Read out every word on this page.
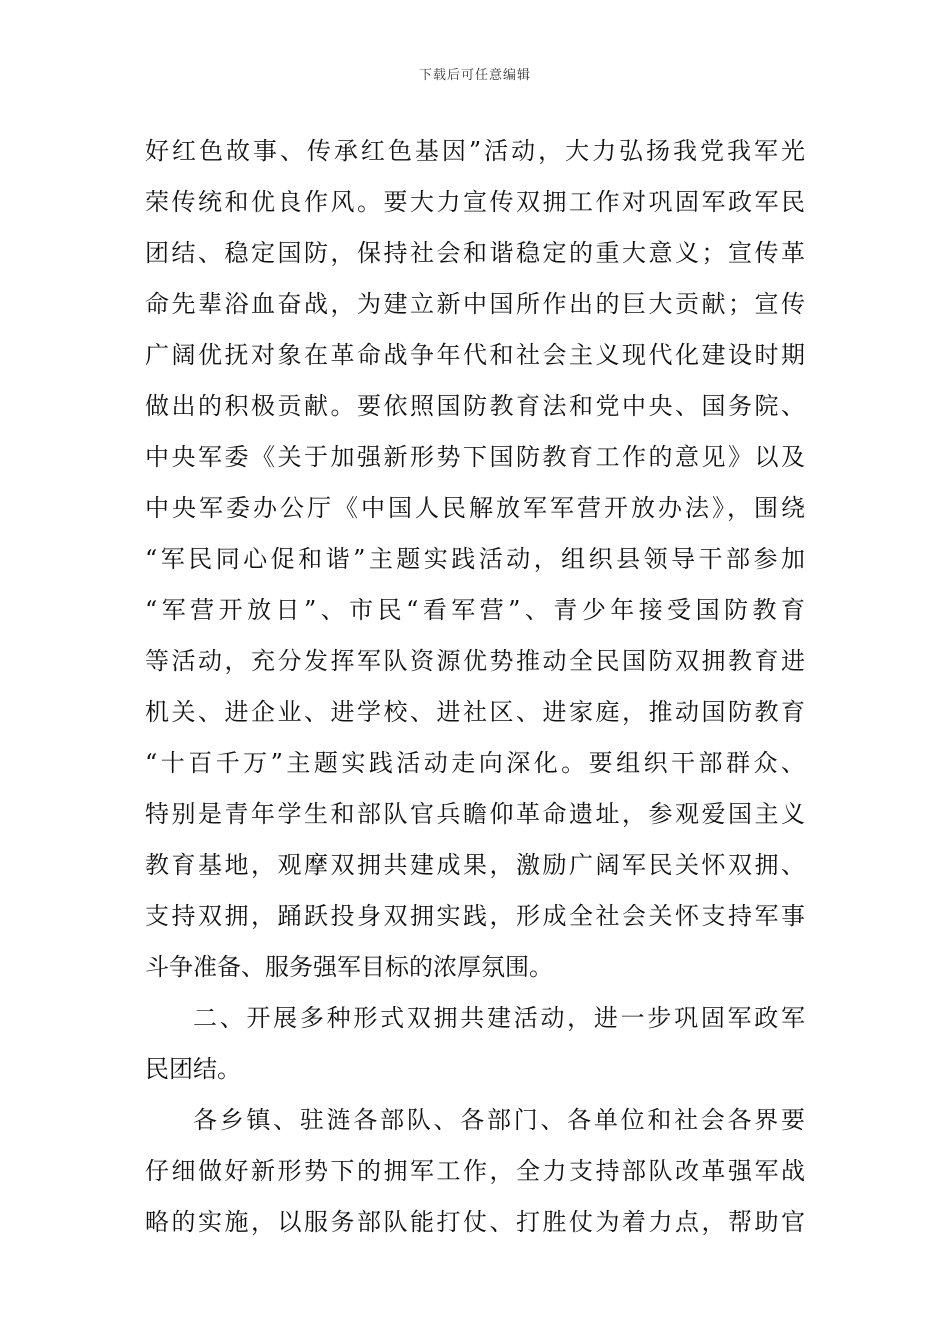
下载后可任意编辑
好红色故事、传承红色基因”活动，大力弘扬我党我军光
荣传统和优良作风。要大力宣传双拥工作对巩固军政军民
团结、稳定国防，保持社会和谐稳定的重大意义；宣传革
命先辈浴血奋战，为建立新中国所作出的巨大贡献；宣传
广阔优抚对象在革命战争年代和社会主义现代化建设时期
做出的积极贡献。要依照国防教育法和党中央、国务院、
中央军委《关于加强新形势下国防教育工作的意见》以及
中央军委办公厅《中国人民解放军军营开放办法》，围绕
“军民同心促和谐”主题实践活动，组织县领导干部参加
“军营开放日”、市民“看军营”、青少年接受国防教育
等活动，充分发挥军队资源优势推动全民国防双拥教育进
机关、进企业、进学校、进社区、进家庭，推动国防教育
“十百千万”主题实践活动走向深化。要组织干部群众、
特别是青年学生和部队官兵瞻仰革命遗址，参观爱国主义
教育基地，观摩双拥共建成果，激励广阔军民关怀双拥、
支持双拥，踊跃投身双拥实践，形成全社会关怀支持军事
斗争准备、服务强军目标的浓厚氛围。
二、开展多种形式双拥共建活动，进一步巩固军政军
民团结。
各乡镇、驻涟各部队、各部门、各单位和社会各界要
仔细做好新形势下的拥军工作，全力支持部队改革强军战
略的实施，以服务部队能打仗、打胜仗为着力点，帮助官
